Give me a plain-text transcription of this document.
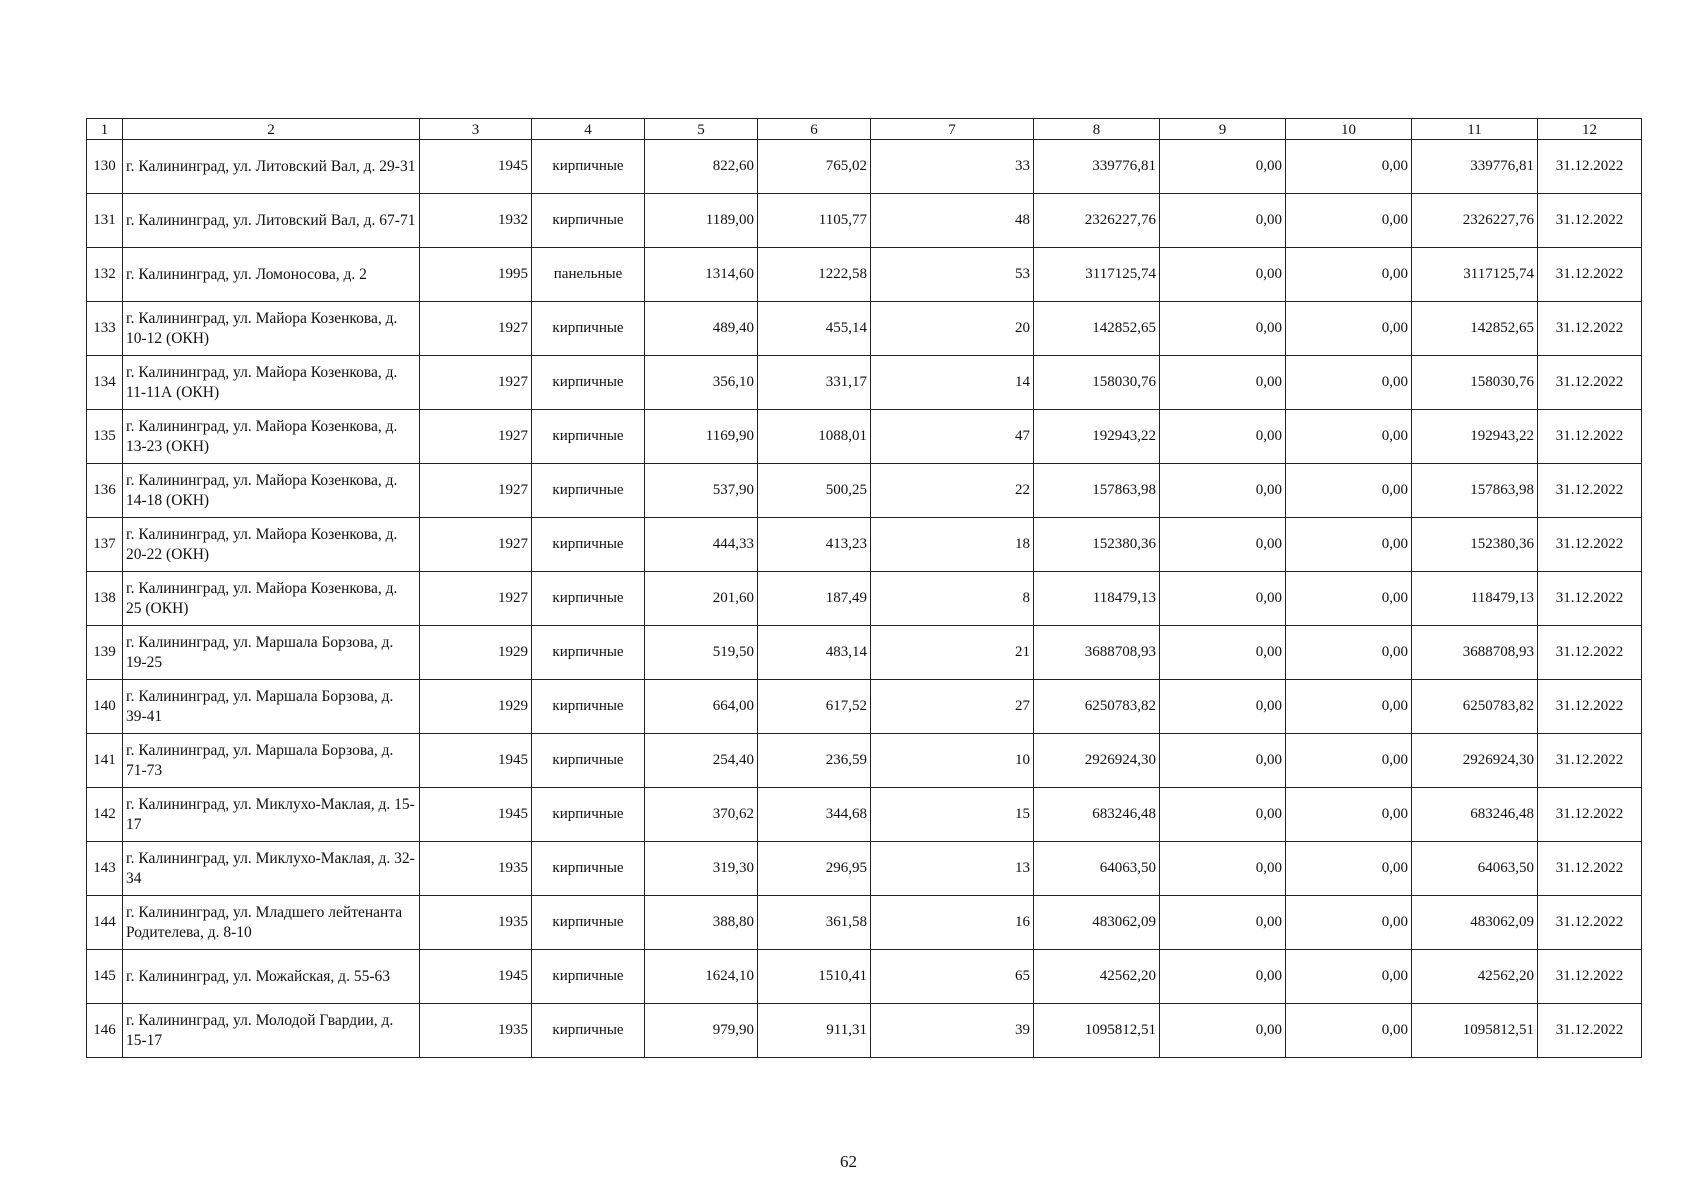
1	2	3	4	5	6	7	8	9	10	11	12
130	г. Калининград, ул. Литовский Вал, д. 29-31	1945	кирпичные	822,60	765,02	33	339776,81	0,00	0,00	339776,81	31.12.2022
131	г. Калининград, ул. Литовский Вал, д. 67-71	1932	кирпичные	1189,00	1105,77	48	2326227,76	0,00	0,00	2326227,76	31.12.2022
132	г. Калининград, ул. Ломоносова, д. 2	1995	панельные	1314,60	1222,58	53	3117125,74	0,00	0,00	3117125,74	31.12.2022
133	г. Калининград, ул. Майора Козенкова, д. 10-12 (ОКН)	1927	кирпичные	489,40	455,14	20	142852,65	0,00	0,00	142852,65	31.12.2022
134	г. Калининград, ул. Майора Козенкова, д. 11-11А (ОКН)	1927	кирпичные	356,10	331,17	14	158030,76	0,00	0,00	158030,76	31.12.2022
135	г. Калининград, ул. Майора Козенкова, д. 13-23 (ОКН)	1927	кирпичные	1169,90	1088,01	47	192943,22	0,00	0,00	192943,22	31.12.2022
136	г. Калининград, ул. Майора Козенкова, д. 14-18 (ОКН)	1927	кирпичные	537,90	500,25	22	157863,98	0,00	0,00	157863,98	31.12.2022
137	г. Калининград, ул. Майора Козенкова, д. 20-22 (ОКН)	1927	кирпичные	444,33	413,23	18	152380,36	0,00	0,00	152380,36	31.12.2022
138	г. Калининград, ул. Майора Козенкова, д. 25 (ОКН)	1927	кирпичные	201,60	187,49	8	118479,13	0,00	0,00	118479,13	31.12.2022
139	г. Калининград, ул. Маршала Борзова, д. 19-25	1929	кирпичные	519,50	483,14	21	3688708,93	0,00	0,00	3688708,93	31.12.2022
140	г. Калининград, ул. Маршала Борзова, д. 39-41	1929	кирпичные	664,00	617,52	27	6250783,82	0,00	0,00	6250783,82	31.12.2022
141	г. Калининград, ул. Маршала Борзова, д. 71-73	1945	кирпичные	254,40	236,59	10	2926924,30	0,00	0,00	2926924,30	31.12.2022
142	г. Калининград, ул. Миклухо-Маклая, д. 15-17	1945	кирпичные	370,62	344,68	15	683246,48	0,00	0,00	683246,48	31.12.2022
143	г. Калининград, ул. Миклухо-Маклая, д. 32-34	1935	кирпичные	319,30	296,95	13	64063,50	0,00	0,00	64063,50	31.12.2022
144	г. Калининград, ул. Младшего лейтенанта Родителева, д. 8-10	1935	кирпичные	388,80	361,58	16	483062,09	0,00	0,00	483062,09	31.12.2022
145	г. Калининград, ул. Можайская, д. 55-63	1945	кирпичные	1624,10	1510,41	65	42562,20	0,00	0,00	42562,20	31.12.2022
146	г. Калининград, ул. Молодой Гвардии, д. 15-17	1935	кирпичные	979,90	911,31	39	1095812,51	0,00	0,00	1095812,51	31.12.2022
62
